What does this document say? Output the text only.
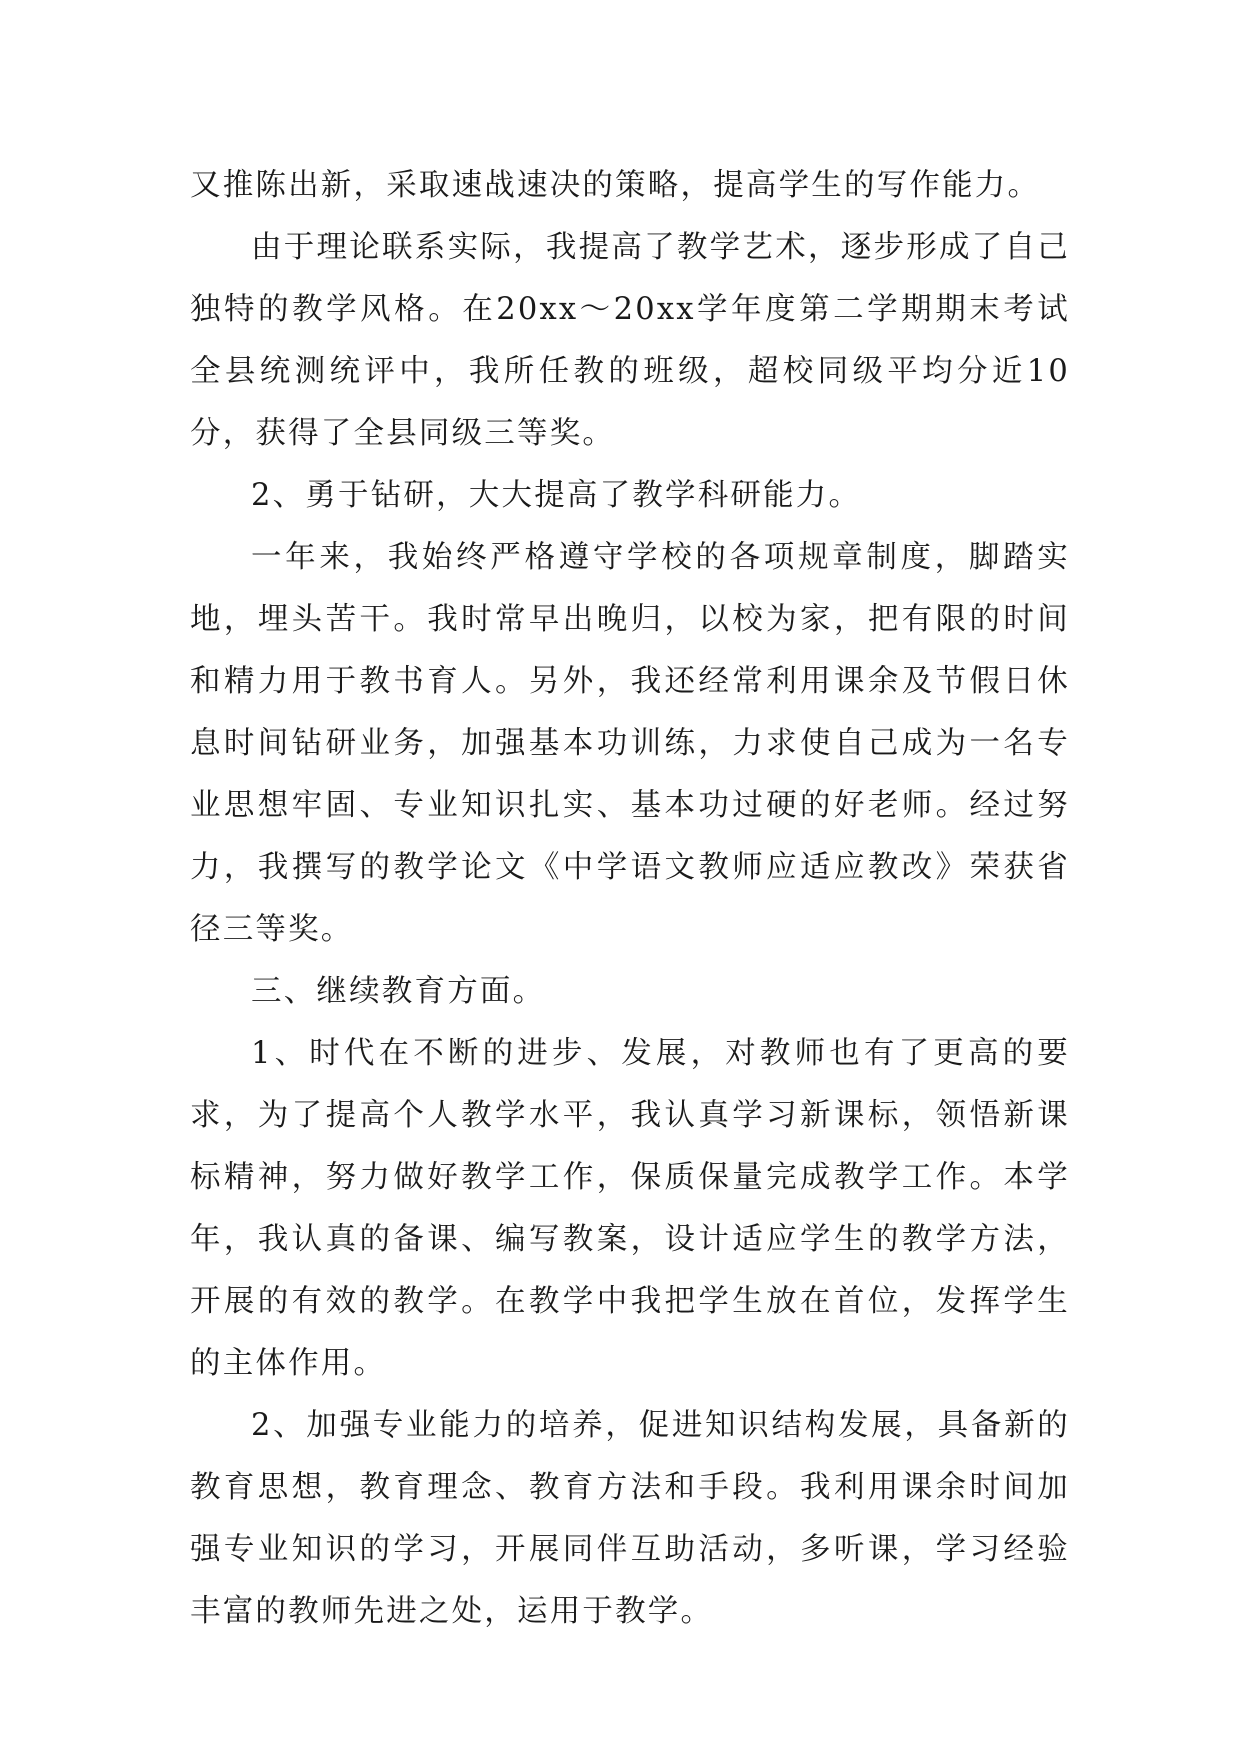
又推陈出新，采取速战速决的策略，提高学生的写作能力。

由于理论联系实际，我提高了教学艺术，逐步形成了自己独特的教学风格。在20xx～20xx学年度第二学期期末考试全县统测统评中，我所任教的班级，超校同级平均分近10分，获得了全县同级三等奖。

2、勇于钻研，大大提高了教学科研能力。

一年来，我始终严格遵守学校的各项规章制度，脚踏实地，埋头苦干。我时常早出晚归，以校为家，把有限的时间和精力用于教书育人。另外，我还经常利用课余及节假日休息时间钻研业务，加强基本功训练，力求使自己成为一名专业思想牢固、专业知识扎实、基本功过硬的好老师。经过努力，我撰写的教学论文《中学语文教师应适应教改》荣获省径三等奖。

三、继续教育方面。

1、时代在不断的进步、发展，对教师也有了更高的要求，为了提高个人教学水平，我认真学习新课标，领悟新课标精神，努力做好教学工作，保质保量完成教学工作。本学年，我认真的备课、编写教案，设计适应学生的教学方法，开展的有效的教学。在教学中我把学生放在首位，发挥学生的主体作用。

2、加强专业能力的培养，促进知识结构发展，具备新的教育思想，教育理念、教育方法和手段。我利用课余时间加强专业知识的学习，开展同伴互助活动，多听课，学习经验丰富的教师先进之处，运用于教学。
